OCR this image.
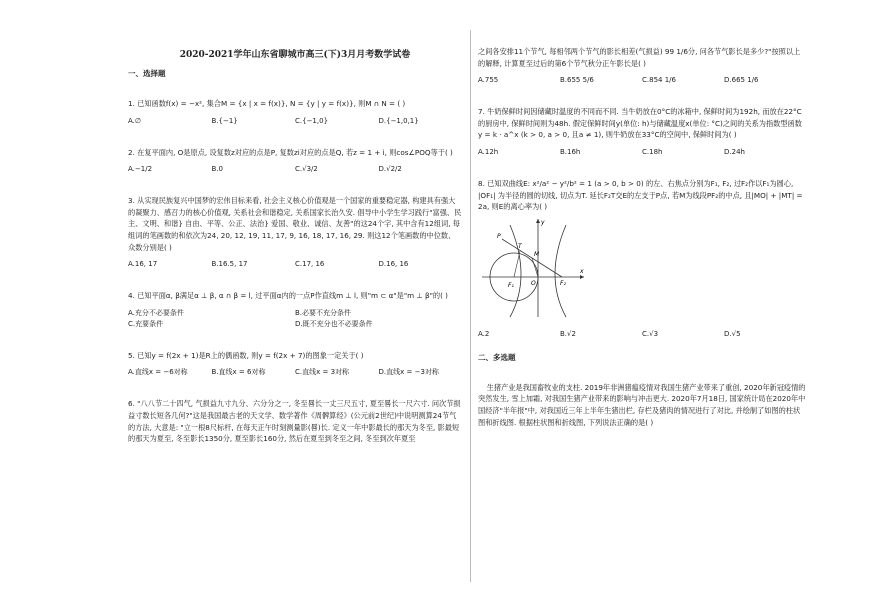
2020-2021学年山东省聊城市高三(下)3月月考数学试卷
一、选择题
1. 已知函数f(x) = −x², 集合M = {x | x = f(x)}, N = {y | y = f(x)}, 则M ∩ N = ( )
A.∅	B.{−1}	C.{−1,0}	D.{−1,0,1}
2. 在复平面内, O是原点, 设复数z对应的点是P, 复数zi对应的点是Q, 若z = 1 + i, 则cos∠POQ等于( )
A.−1/2	B.0	C.√3/2	D.√2/2
3. 从实现民族复兴中国梦的宏伟目标来看, 社会主义核心价值观是一个国家的重要稳定器, 构建具有强大的凝聚力、感召力的核心价值观, 关系社会和谐稳定, 关系国家长治久安. 倡导中小学生学习践行"富强、民主、文明、和谐} 自由、平等、公正、法治} 爱国、敬业、诚信、友善"的这24个字, 其中含有12组词, 每组词的笔画数的和依次为24, 20, 12, 19, 11, 17, 9, 16, 18, 17, 16, 29. 则这12个笔画数的中位数、众数分别是( )
A.16, 17	B.16.5, 17	C.17, 16	D.16, 16
4. 已知平面α, β满足α ⊥ β, α ∩ β = l, 过平面α内的一点P作直线m ⊥ l, 则"m ⊂ α"是"m ⊥ β"的( )
A.充分不必要条件	B.必要不充分条件
C.充要条件	D.既不充分也不必要条件
5. 已知y = f(2x + 1)是R上的偶函数, 则y = f(2x + 7)的图象一定关于( )
A.直线x = −6对称	B.直线x = 6对称	C.直线x = 3对称	D.直线x = −3对称
6. "八八节二十四气, 气损益九寸九分、六分分之一, 冬至晷长一丈三尺五寸, 夏至晷长一尺六寸. 问次节损益寸数长短各几何?"这是我国最古老的天文学、数学著作《周髀算经》(公元前2世纪)中说明测算24节气的方法, 大意是: "立一根8尺标杆, 在每天正午时刻测量影(晷)长. 定义一年中影最长的那天为冬至, 影最短的那天为夏至, 冬至影长1350分, 夏至影长160分, 然后在夏至到冬至之间, 冬至到次年夏至
之间各安排11个节气, 每相邻两个节气的影长相差(气损益) 99 1/6分, 问各节气影长是多少?"按照以上的解释, 计算夏至过后的第6个节气秋分正午影长是( )
A.755	B.655 5/6	C.854 1/6	D.665 1/6
7. 牛奶保鲜时间因储藏时温度的不同而不同. 当牛奶放在0°C的冰箱中, 保鲜时间为192h, 而放在22°C的厨房中, 保鲜时间则为48h. 假定保鲜时间y(单位: h)与储藏温度x(单位: °C)之间的关系为指数型函数y = k · a^x (k > 0, a > 0, 且a ≠ 1), 则牛奶放在33°C的空间中, 保鲜时间为( )
A.12h	B.16h	C.18h	D.24h
8. 已知双曲线E: x²/a² − y²/b² = 1 (a > 0, b > 0) 的左、右焦点分别为F₁, F₂, 过F₂作以F₁为圆心, |OF₁| 为半径的圆的切线, 切点为T. 延长F₂T交E的左支于P点, 若M为线段PF₂的中点, 且|MO| + |MT| = 2a, 则E的离心率为( )
y
x
P
T
M
F₁	O	F₂
A.2	B.√2	C.√3	D.√5
二、多选题
生猪产业是我国畜牧业的支柱. 2019年非洲猪瘟疫情对我国生猪产业带来了重创, 2020年新冠疫情的突然发生, 雪上加霜, 对我国生猪产业带来的影响与冲击更大. 2020年7月18日, 国家统计局在2020年中国经济"半年报"中, 对我国近三年上半年生猪出栏, 存栏及猪肉的情况进行了对比, 并绘制了如图的柱状图和折线图. 根据柱状图和折线图, 下列说法正确的是( )
